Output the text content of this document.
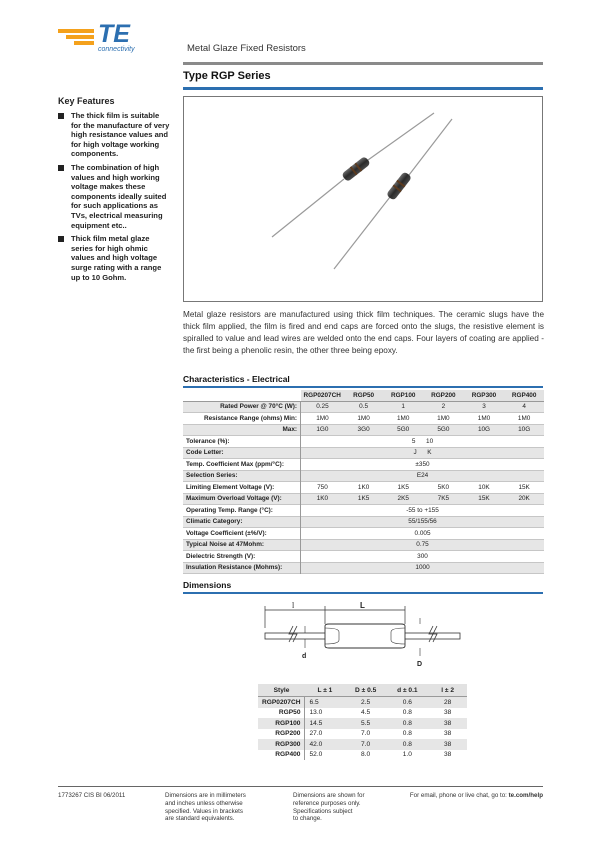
TE
connectivity	Metal Glaze Fixed Resistors
Type RGP Series
Key Features
The thick film is suitable for the manufacture of very high resistance values and for high voltage working components.
The combination of high values and high working voltage makes these components ideally suited for such applications as TVs, electrical measuring equipment etc..
Thick film metal glaze series for high ohmic values and high voltage surge rating with a range up to 10 Gohm.
Metal glaze resistors are manufactured using thick film techniques. The ceramic slugs have the thick film applied, the film is fired and end caps are forced onto the slugs, the resistive element is spiralled to value and lead wires are welded onto the end caps. Four layers of coating are applied - the first being a phenolic resin, the other three being epoxy.
Characteristics - Electrical
	RGP0207CH	RGP50	RGP100	RGP200	RGP300	RGP400
Rated Power @ 70°C (W):	0.25	0.5	1	2	3	4
Resistance Range (ohms) Min:	1M0	1M0	1M0	1M0	1M0	1M0
Max:	1G0	3G0	5G0	5G0	10G	10G
Tolerance (%):	5      10					
Code Letter:	J      K					
Temp. Coefficient Max (ppm/°C):	±350					
Selection Series:	E24					
Limiting Element Voltage (V):	750	1K0	1K5	5K0	10K	15K
Maximum Overload Voltage (V):	1K0	1K5	2K5	7K5	15K	20K
Operating Temp. Range (°C):	-55 to +155					
Climatic Category:	55/155/56					
Voltage Coefficient (±%/V):	0.005					
Typical Noise at 47Mohm:	0.75					
Dielectric Strength (V):	300					
Insulation Resistance (Mohms):	1000					
Dimensions
l	L
d
D
Style	L ± 1	D ± 0.5	d ± 0.1	l ± 2
RGP0207CH	6.5	2.5	0.6	28
RGP50	13.0	4.5	0.8	38
RGP100	14.5	5.5	0.8	38
RGP200	27.0	7.0	0.8	38
RGP300	42.0	7.0	0.8	38
RGP400	52.0	8.0	1.0	38
1773267 CIS BI 06/2011	Dimensions are in millimeters
and inches unless otherwise
specified. Values in brackets
are standard equivalents.
Dimensions are shown for
reference purposes only.
Specifications subject
to change.
For email, phone or live chat, go to: te.com/help
